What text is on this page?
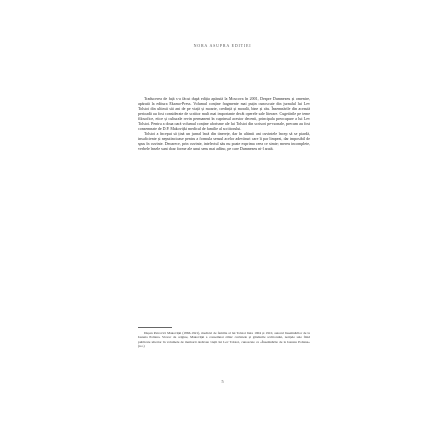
NORA ASUPRA EDITIEI

Traducerea de față s-a făcut după ediția apărută la Moscova în 2001, Despre Dumnezeu și omenire, apărută la editura Ekamo-Press. Volumul conține fragmente mai puțin cunoscute din jurnalul lui Lev Tolstoi din ultimii săi ani de pe viață și moarte, credință și morală, bine și rău. Însemnările din această perioadă au fost considerate de scriitor mult mai importante decât operele sale literare. Cugetările pe teme filosofice, etice și culturale revin permanent în cuprinsul acestor decenii, principala preocupare a lui Lev Tolstoi. Pentru a doua oară volumul conține aforisme ale lui Tolstoi din scrisori pe-rsonale, precum au fost consemnate de D.P. Makovițki medicul de familie al scriitorului.

Tolstoi a început să țină un jurnal încă din tinerețe, dar în ultimii ani cuvintele încep să se piardă, insuficiente și neputincioase pentru a formula sensul acelor adevăruri care îi par limpezi, dar imposibil de spus în cuvinte. Deoarece, prin cuvinte, intelectul său nu poate exprima ceea ce simte; mereu incomplete, verbele însele sunt doar forme ale unui sens mai adânc, pe care Dumnezeu ni-l arată.

Dușan Petrovici Makovițki (1866-1921), medicul de familie al lui Tolstoi între 1904 și 1910, autorul însemnărilor de la Iasnaia Poliana. Slovac de origine, Makovițki a consemnat zilnic cuvintele și gândurile scriitorului, notițele sale fiind publicate ulterior în volumele de memorii dedicate vieții lui Lev Tolstoi, cunoscute ca «Însemnările de la Iasnaia Poliana» (n.t.)

5
